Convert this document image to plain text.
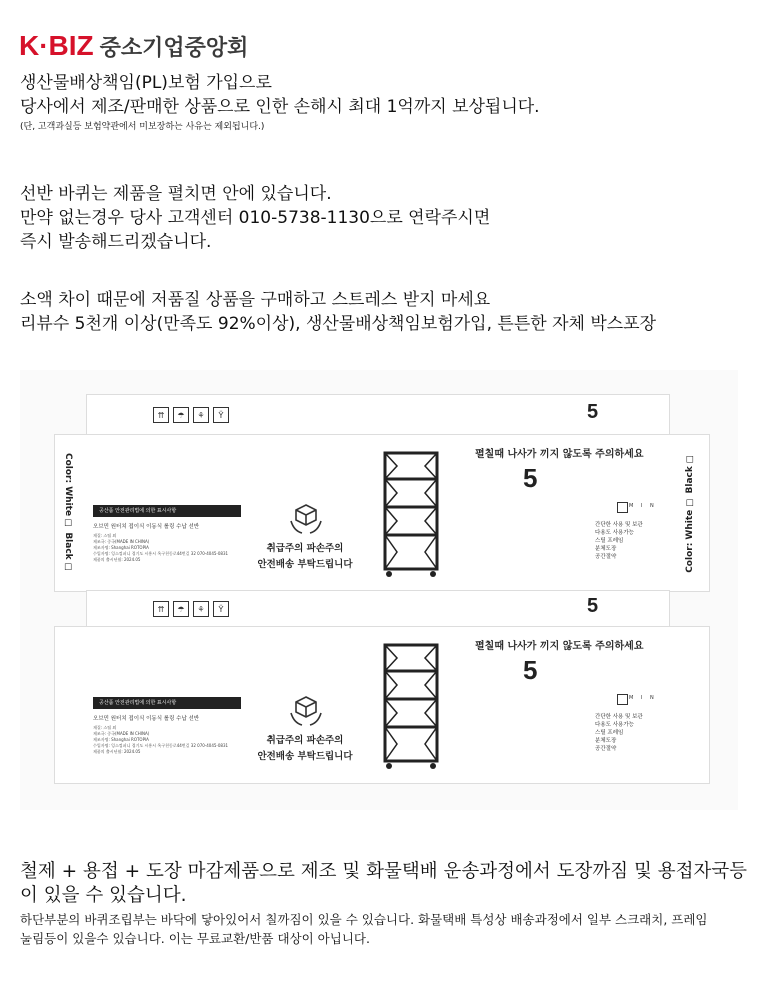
K·BIZ 중소기업중앙회
생산물배상책임(PL)보험 가입으로
당사에서 제조/판매한 상품으로 인한 손해시 최대 1억까지 보상됩니다.
(단, 고객과실등 보험약관에서 미보장하는 사유는 제외됩니다.)
선반 바퀴는 제품을 펼치면 안에 있습니다.
만약 없는경우 당사 고객센터 010-5738-1130으로 연락주시면
즉시 발송해드리겠습니다.
소액 차이 때문에 저품질 상품을 구매하고 스트레스 받지 마세요
리뷰수 5천개 이상(만족도 92%이상), 생산물배상책임보험가입, 튼튼한 자체 박스포장
⇈	☂	⚘	Ÿ	5
Color: White ☐ Black ☐	Color: White ☐ Black ☐
공산품 안전관리법에 의한 표시사항
오브민 원터치 접이식 이동식 롤링 수납 선반
재질: 스틸 외
제조국: 중국(MADE IN CHINA)
제조자명: Shanghai ROTOPIA
수입자명: 잉스컴퍼니 경기도 시흥시 옥구천동로44번길 32 070-4045-0831
제품의 출시년월: 2024.05
취급주의 파손주의
안전배송 부탁드립니다
펼칠때 나사가 끼지 않도록 주의하세요
5
M I N
간단한 사용 및 보관
다용도 사용가능
스틸 프레임
분체도장
공간절약
⇈	☂	⚘	Ÿ	5
공산품 안전관리법에 의한 표시사항
오브민 원터치 접이식 이동식 롤링 수납 선반
재질: 스틸 외
제조국: 중국(MADE IN CHINA)
제조자명: Shanghai ROTOPIA
수입자명: 잉스컴퍼니 경기도 시흥시 옥구천동로44번길 32 070-4045-0831
제품의 출시년월: 2024.05
취급주의 파손주의
안전배송 부탁드립니다
펼칠때 나사가 끼지 않도록 주의하세요
5
M I N
간단한 사용 및 보관
다용도 사용가능
스틸 프레임
분체도장
공간절약
철제 + 용접 + 도장 마감제품으로 제조 및 화물택배 운송과정에서 도장까짐 및 용접자국등
이 있을 수 있습니다.
하단부분의 바퀴조립부는 바닥에 닿아있어서 칠까짐이 있을 수 있습니다. 화물택배 특성상 배송과정에서 일부 스크래치, 프레임
눌림등이 있을수 있습니다. 이는 무료교환/반품 대상이 아닙니다.
